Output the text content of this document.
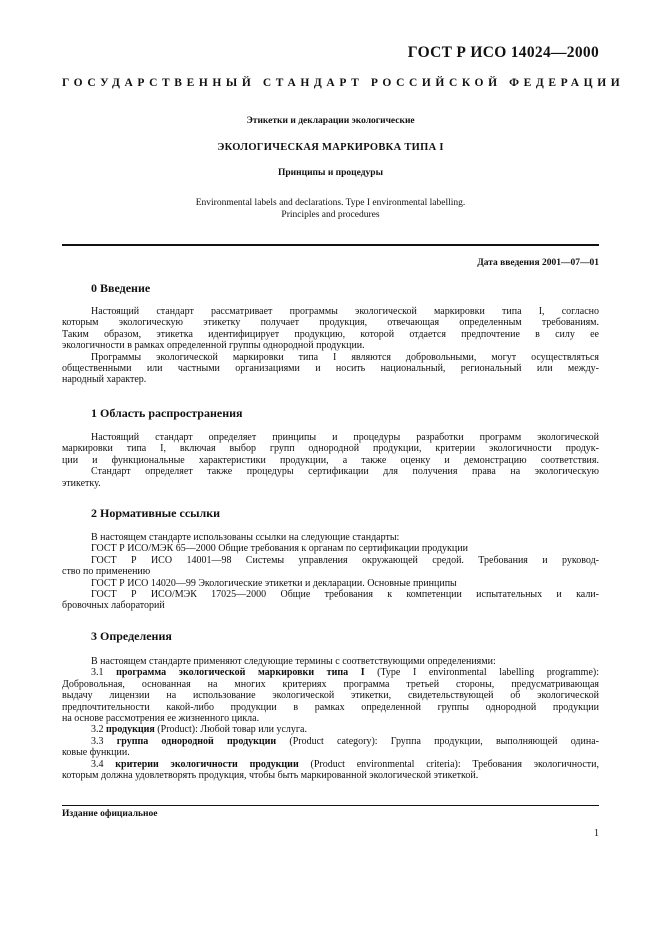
ГОСТ Р ИСО 14024—2000
ГОСУДАРСТВЕННЫЙ СТАНДАРТ РОССИЙСКОЙ ФЕДЕРАЦИИ
Этикетки и декларации экологические
ЭКОЛОГИЧЕСКАЯ МАРКИРОВКА ТИПА I
Принципы и процедуры
Environmental labels and declarations. Type I environmental labelling.
Principles and procedures
Дата введения 2001—07—01
0 Введение
Настоящий стандарт рассматривает программы экологической маркировки типа I, согласно
которым экологическую этикетку получает продукция, отвечающая определенным требованиям.
Таким образом, этикетка идентифицирует продукцию, которой отдается предпочтение в силу ее
экологичности в рамках определенной группы однородной продукции.
Программы экологической маркировки типа I являются добровольными, могут осуществляться
общественными или частными организациями и носить национальный, региональный или между-
народный характер.
1 Область распространения
Настоящий стандарт определяет принципы и процедуры разработки программ экологической
маркировки типа I, включая выбор групп однородной продукции, критерии экологичности продук-
ции и функциональные характеристики продукции, а также оценку и демонстрацию соответствия.
Стандарт определяет также процедуры сертификации для получения права на экологическую
этикетку.
2 Нормативные ссылки
В настоящем стандарте использованы ссылки на следующие стандарты:
ГОСТ Р ИСО/МЭК 65—2000 Общие требования к органам по сертификации продукции
ГОСТ Р ИСО 14001—98 Системы управления окружающей средой. Требования и руковод-
ство по применению
ГОСТ Р ИСО 14020—99 Экологические этикетки и декларации. Основные принципы
ГОСТ Р ИСО/МЭК 17025—2000 Общие требования к компетенции испытательных и кали-
бровочных лабораторий
3 Определения
В настоящем стандарте применяют следующие термины с соответствующими определениями:
3.1 программа экологической маркировки типа I (Type I environmental labelling programme):
Добровольная, основанная на многих критериях программа третьей стороны, предусматривающая
выдачу лицензии на использование экологической этикетки, свидетельствующей об экологической
предпочтительности какой-либо продукции в рамках определенной группы однородной продукции
на основе рассмотрения ее жизненного цикла.
3.2 продукция (Product): Любой товар или услуга.
3.3 группа однородной продукции (Product category): Группа продукции, выполняющей одина-
ковые функции.
3.4 критерии экологичности продукции (Product environmental criteria): Требования экологичности,
которым должна удовлетворять продукция, чтобы быть маркированной экологической этикеткой.
Издание официальное
1
